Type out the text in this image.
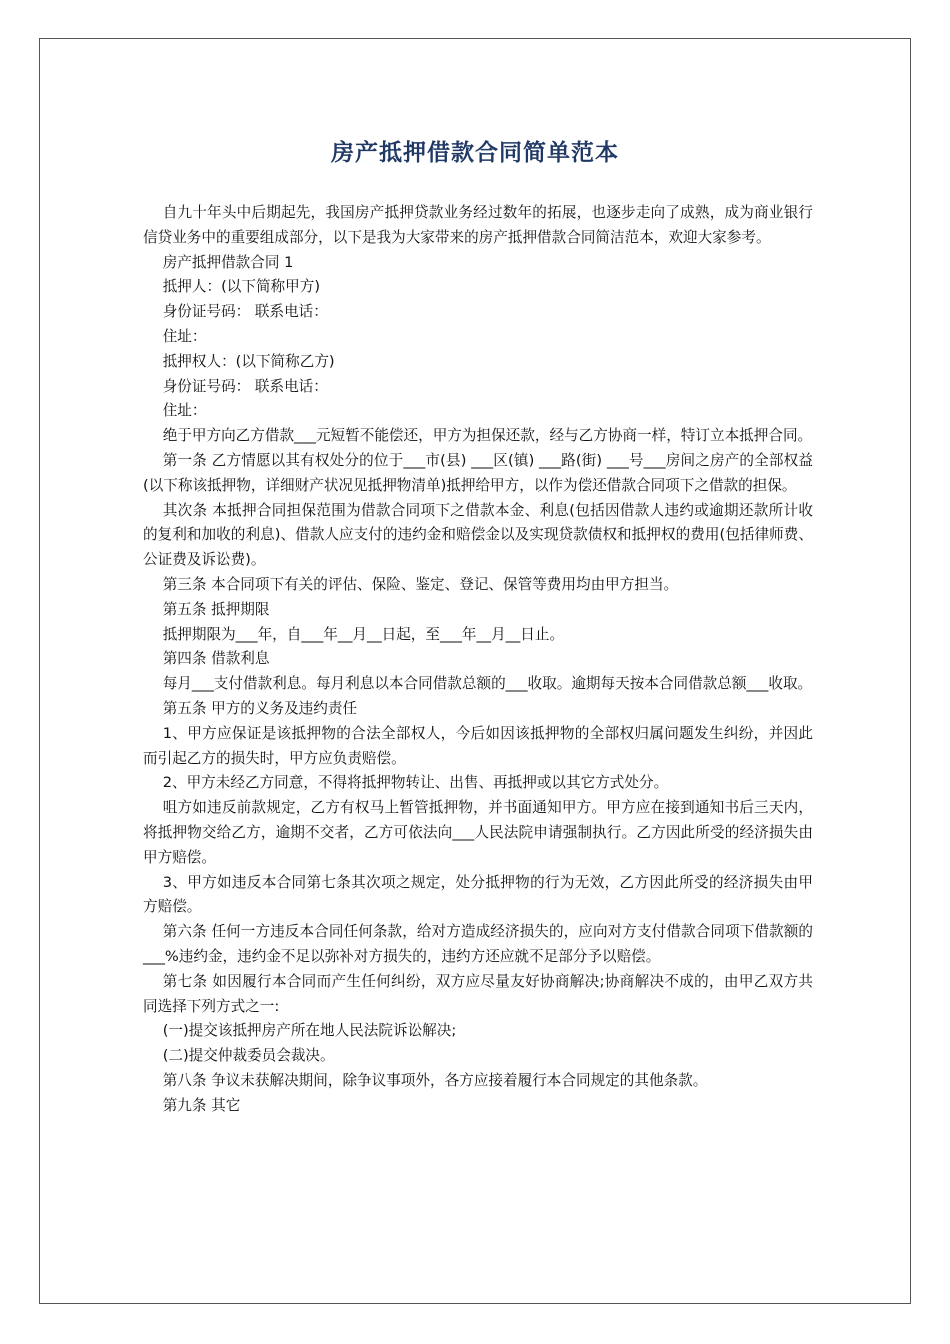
房产抵押借款合同简单范本

自九十年头中后期起先，我国房产抵押贷款业务经过数年的拓展，也逐步走向了成熟，成为商业银行信贷业务中的重要组成部分，以下是我为大家带来的房产抵押借款合同简洁范本，欢迎大家参考。

房产抵押借款合同 1

抵押人：(以下简称甲方)

身份证号码： 联系电话：

住址：

抵押权人：(以下简称乙方)

身份证号码： 联系电话：

住址：

绝于甲方向乙方借款___元短暂不能偿还，甲方为担保还款，经与乙方协商一样，特订立本抵押合同。

第一条 乙方情愿以其有权处分的位于___市(县) ___区(镇) ___路(街) ___号___房间之房产的全部权益(以下称该抵押物，详细财产状况见抵押物清单)抵押给甲方，以作为偿还借款合同项下之借款的担保。

其次条 本抵押合同担保范围为借款合同项下之借款本金、利息(包括因借款人违约或逾期还款所计收的复利和加收的利息)、借款人应支付的违约金和赔偿金以及实现贷款债权和抵押权的费用(包括律师费、公证费及诉讼费)。

第三条 本合同项下有关的评估、保险、鉴定、登记、保管等费用均由甲方担当。

第五条 抵押期限

抵押期限为___年，自___年__月__日起，至___年__月__日止。

第四条 借款利息

每月___支付借款利息。每月利息以本合同借款总额的___收取。逾期每天按本合同借款总额___收取。

第五条 甲方的义务及违约责任

1、甲方应保证是该抵押物的合法全部权人，今后如因该抵押物的全部权归属问题发生纠纷，并因此而引起乙方的损失时，甲方应负责赔偿。

2、甲方未经乙方同意，不得将抵押物转让、出售、再抵押或以其它方式处分。

咀方如违反前款规定，乙方有权马上暂管抵押物，并书面通知甲方。甲方应在接到通知书后三天内，将抵押物交给乙方，逾期不交者，乙方可依法向___人民法院申请强制执行。乙方因此所受的经济损失由甲方赔偿。

3、甲方如违反本合同第七条其次项之规定，处分抵押物的行为无效，乙方因此所受的经济损失由甲方赔偿。

第六条 任何一方违反本合同任何条款，给对方造成经济损失的，应向对方支付借款合同项下借款额的___%违约金，违约金不足以弥补对方损失的，违约方还应就不足部分予以赔偿。

第七条 如因履行本合同而产生任何纠纷，双方应尽量友好协商解决;协商解决不成的，由甲乙双方共同选择下列方式之一:

(一)提交该抵押房产所在地人民法院诉讼解决;

(二)提交仲裁委员会裁决。

第八条 争议未获解决期间，除争议事项外，各方应接着履行本合同规定的其他条款。

第九条 其它
